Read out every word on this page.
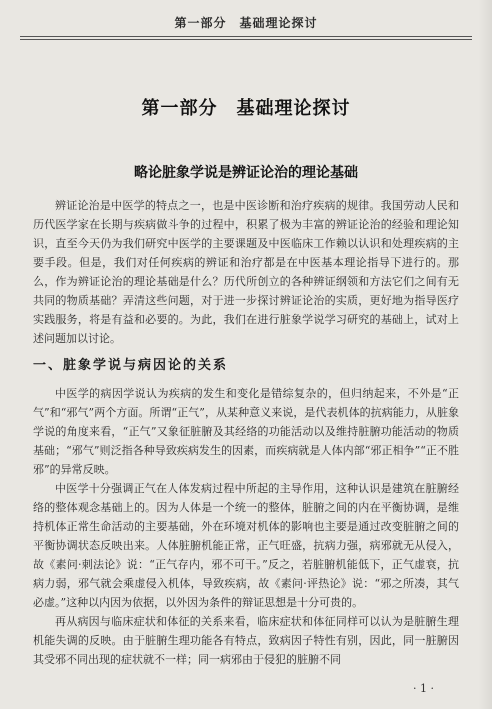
第一部分　基础理论探讨
第一部分　基础理论探讨
略论脏象学说是辨证论治的理论基础

辨证论治是中医学的特点之一，也是中医诊断和治疗疾病的规律。我国劳动人民和历代医学家在长期与疾病做斗争的过程中，积累了极为丰富的辨证论治的经验和理论知识，直至今天仍为我们研究中医学的主要课题及中医临床工作赖以认识和处理疾病的主要手段。但是，我们对任何疾病的辨证和治疗都是在中医基本理论指导下进行的。那么，作为辨证论治的理论基础是什么？历代所创立的各种辨证纲领和方法它们之间有无共同的物质基础？弄清这些问题，对于进一步探讨辨证论治的实质，更好地为指导医疗实践服务，将是有益和必要的。为此，我们在进行脏象学说学习研究的基础上，试对上述问题加以讨论。

一、脏象学说与病因论的关系

中医学的病因学说认为疾病的发生和变化是错综复杂的，但归纳起来，不外是“正气”和“邪气”两个方面。所谓“正气”，从某种意义来说，是代表机体的抗病能力，从脏象学说的角度来看，“正气”又象征脏腑及其经络的功能活动以及维持脏腑功能活动的物质基础；“邪气”则泛指各种导致疾病发生的因素，而疾病就是人体内部“邪正相争”“正不胜邪”的异常反映。

中医学十分强调正气在人体发病过程中所起的主导作用，这种认识是建筑在脏腑经络的整体观念基础上的。因为人体是一个统一的整体，脏腑之间的内在平衡协调，是维持机体正常生命活动的主要基础，外在环境对机体的影响也主要是通过改变脏腑之间的平衡协调状态反映出来。人体脏腑机能正常，正气旺盛，抗病力强，病邪就无从侵入，故《素问·刺法论》说：“正气存内，邪不可干。”反之，若脏腑机能低下，正气虚衰，抗病力弱，邪气就会乘虚侵入机体，导致疾病，故《素问·评热论》说：“邪之所凑，其气必虚。”这种以内因为依据，以外因为条件的辩证思想是十分可贵的。

再从病因与临床症状和体征的关系来看，临床症状和体征同样可以认为是脏腑生理机能失调的反映。由于脏腑生理功能各有特点，致病因子特性有别，因此，同一脏腑因其受邪不同出现的症状就不一样；同一病邪由于侵犯的脏腑不同

· 1 ·
